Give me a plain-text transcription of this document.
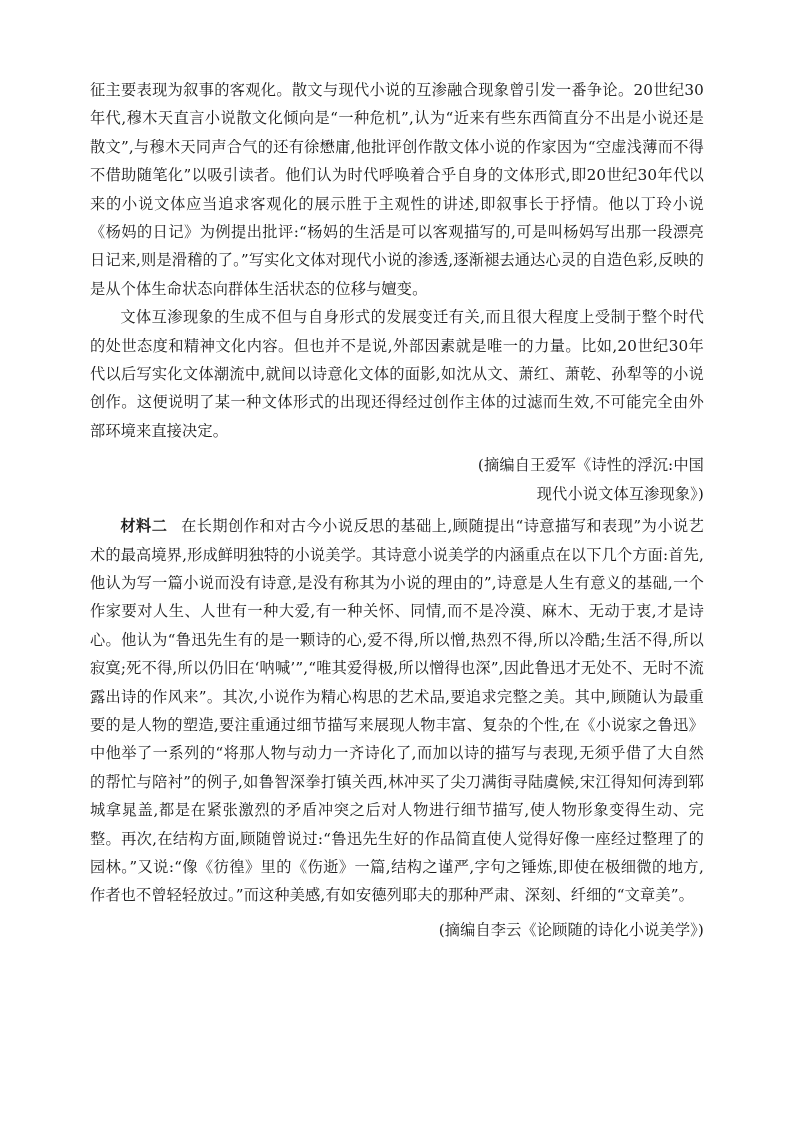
征主要表现为叙事的客观化。散文与现代小说的互渗融合现象曾引发一番争论。20世纪30年代,穆木天直言小说散文化倾向是“一种危机”,认为“近来有些东西简直分不出是小说还是散文”,与穆木天同声合气的还有徐懋庸,他批评创作散文体小说的作家因为“空虚浅薄而不得不借助随笔化”以吸引读者。他们认为时代呼唤着合乎自身的文体形式,即20世纪30年代以来的小说文体应当追求客观化的展示胜于主观性的讲述,即叙事长于抒情。他以丁玲小说《杨妈的日记》为例提出批评:“杨妈的生活是可以客观描写的,可是叫杨妈写出那一段漂亮日记来,则是滑稽的了。”写实化文体对现代小说的渗透,逐渐褪去通达心灵的自造色彩,反映的是从个体生命状态向群体生活状态的位移与嬗变。

文体互渗现象的生成不但与自身形式的发展变迁有关,而且很大程度上受制于整个时代的处世态度和精神文化内容。但也并不是说,外部因素就是唯一的力量。比如,20世纪30年代以后写实化文体潮流中,就间以诗意化文体的面影,如沈从文、萧红、萧乾、孙犁等的小说创作。这便说明了某一种文体形式的出现还得经过创作主体的过滤而生效,不可能完全由外部环境来直接决定。

(摘编自王爱军《诗性的浮沉:中国
现代小说文体互渗现象》)

材料二 在长期创作和对古今小说反思的基础上,顾随提出“诗意描写和表现”为小说艺术的最高境界,形成鲜明独特的小说美学。其诗意小说美学的内涵重点在以下几个方面:首先,他认为写一篇小说而没有诗意,是没有称其为小说的理由的”,诗意是人生有意义的基础,一个作家要对人生、人世有一种大爱,有一种关怀、同情,而不是冷漠、麻木、无动于衷,才是诗心。他认为“鲁迅先生有的是一颗诗的心,爱不得,所以憎,热烈不得,所以冷酷;生活不得,所以寂寞;死不得,所以仍旧在‘呐喊’”,“唯其爱得极,所以憎得也深”,因此鲁迅才无处不、无时不流露出诗的作风来”。其次,小说作为精心构思的艺术品,要追求完整之美。其中,顾随认为最重要的是人物的塑造,要注重通过细节描写来展现人物丰富、复杂的个性,在《小说家之鲁迅》中他举了一系列的“将那人物与动力一齐诗化了,而加以诗的描写与表现,无须乎借了大自然的帮忙与陪衬”的例子,如鲁智深拳打镇关西,林冲买了尖刀满街寻陆虞候,宋江得知何涛到郓城拿晁盖,都是在紧张激烈的矛盾冲突之后对人物进行细节描写,使人物形象变得生动、完整。再次,在结构方面,顾随曾说过:“鲁迅先生好的作品简直使人觉得好像一座经过整理了的园林。”又说:“像《彷徨》里的《伤逝》一篇,结构之谨严,字句之锤炼,即使在极细微的地方,作者也不曾轻轻放过。”而这种美感,有如安德列耶夫的那种严肃、深刻、纤细的“文章美”。

(摘编自李云《论顾随的诗化小说美学》)
